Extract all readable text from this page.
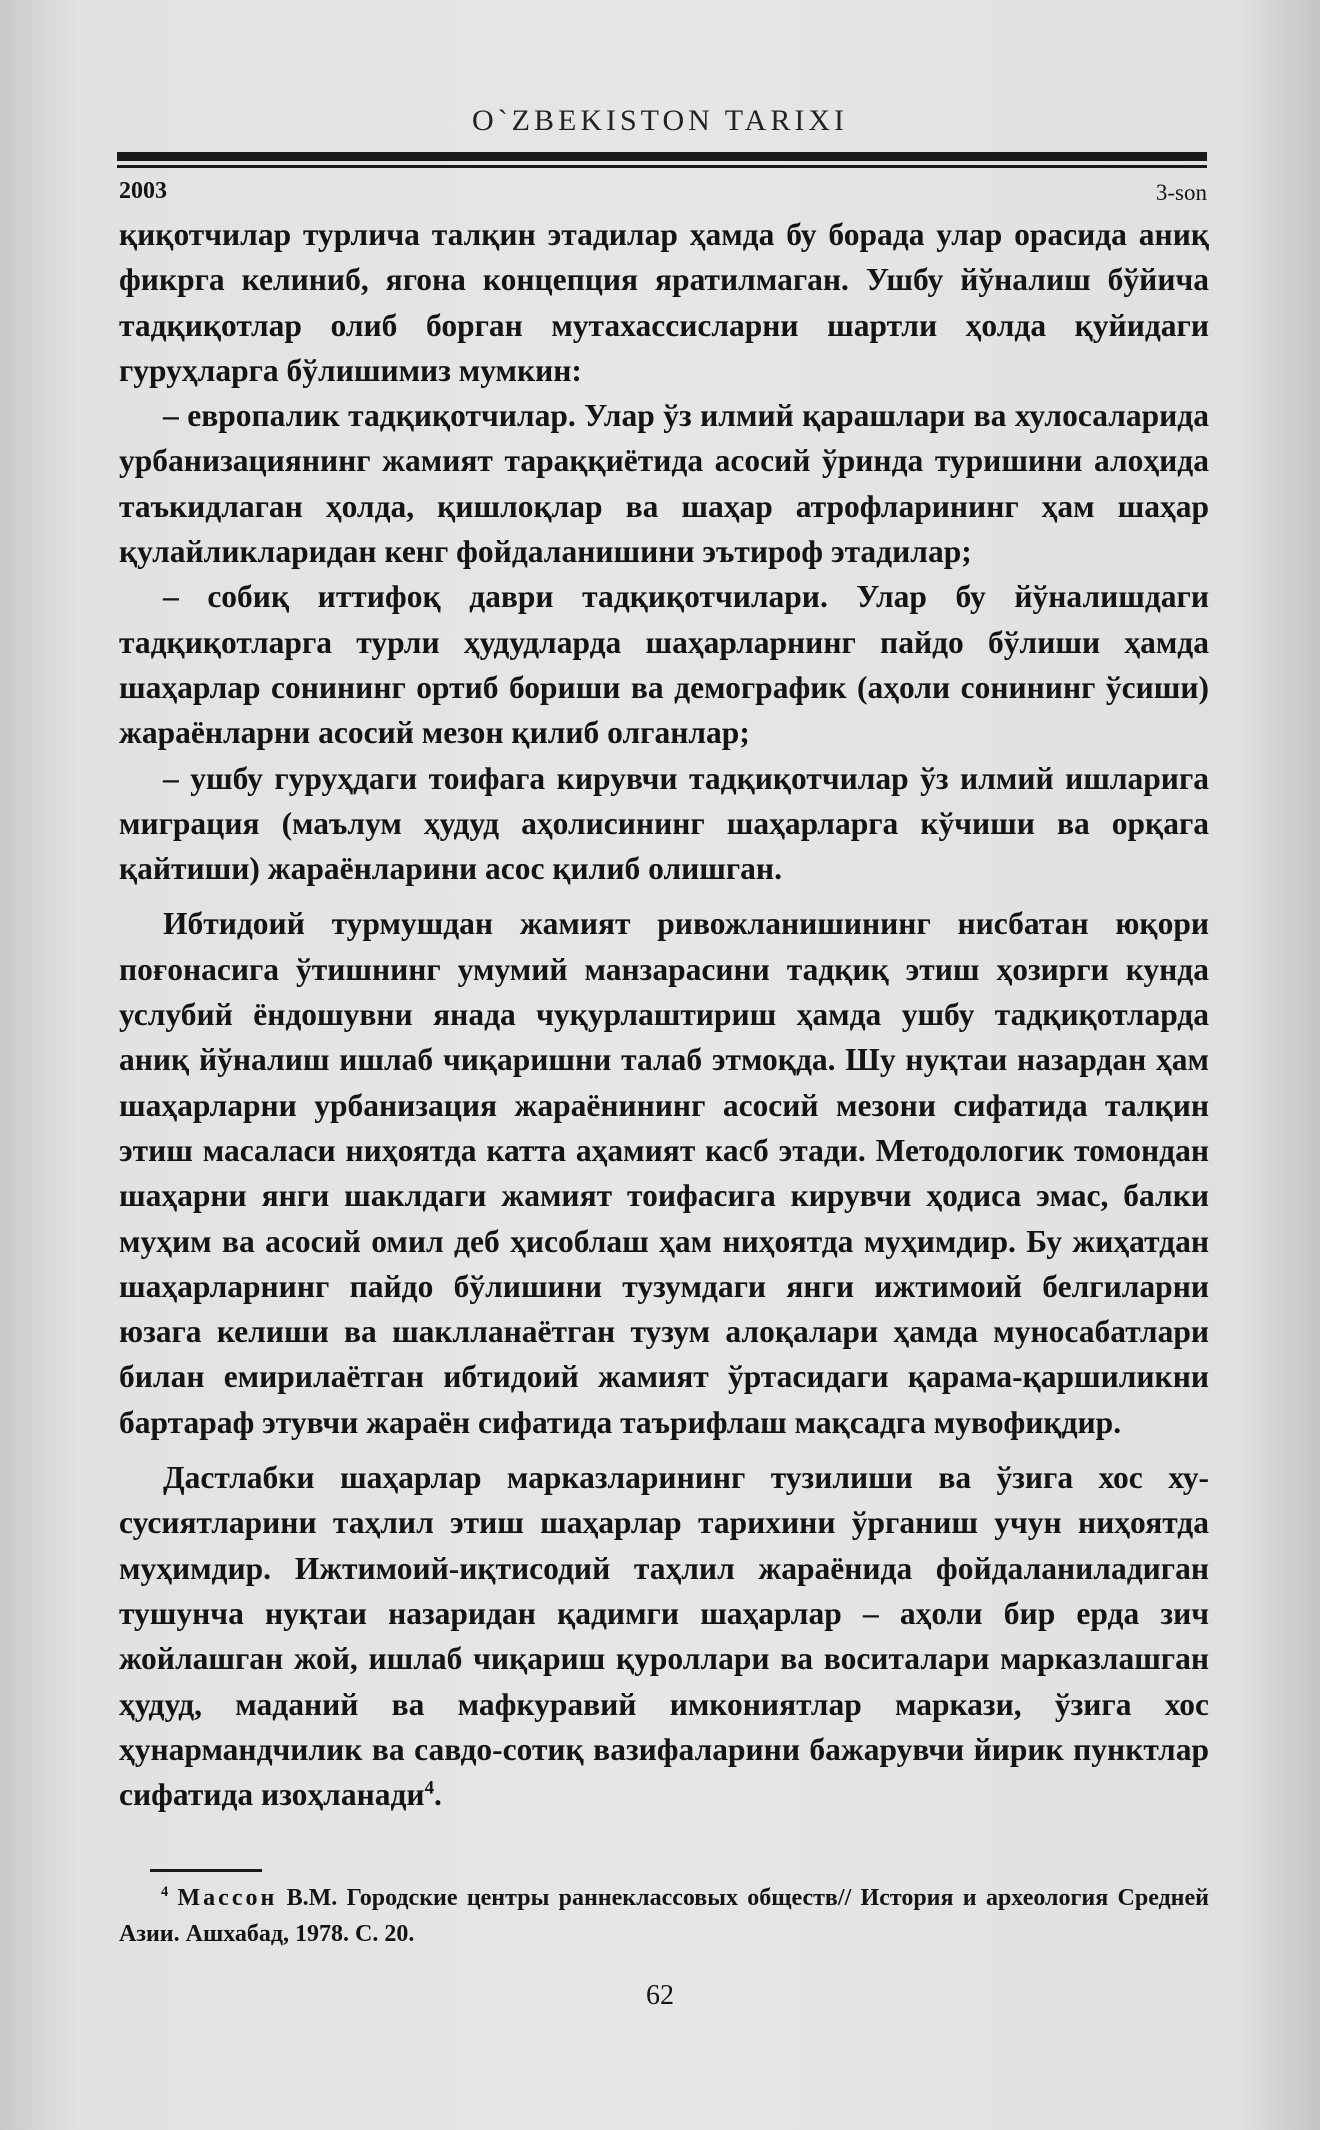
O`ZBEKISTON TARIXI
2003	3-son

қиқотчилар турлича талқин этадилар ҳамда бу борада улар орасида аниқ фикрга келиниб, ягона концепция яратилмаган. Ушбу йўналиш бўйича тадқиқотлар олиб борган мутахассисларни шартли ҳолда қуйидаги гуруҳларга бўлишимиз мумкин:

– европалик тадқиқотчилар. Улар ўз илмий қарашлари ва хулосаларида урбанизациянинг жамият тараққиётида асосий ўринда туришини алоҳида таъкидлаган ҳолда, қишлоқлар ва шаҳар атрофларининг ҳам шаҳар қулайликларидан кенг фойдаланишини эътироф этадилар;

– собиқ иттифоқ даври тадқиқотчилари. Улар бу йўналишдаги тадқиқотларга турли ҳудудларда шаҳарларнинг пайдо бўлиши ҳамда шаҳарлар сонининг ортиб бориши ва демографик (аҳоли сонининг ўсиши) жараёнларни асосий мезон қилиб олганлар;

– ушбу гуруҳдаги тоифага кирувчи тадқиқотчилар ўз илмий ишларига миграция (маълум ҳудуд аҳолисининг шаҳарларга кўчиши ва орқага қайтиши) жараёнларини асос қилиб олишган.

Ибтидоий турмушдан жамият ривожланишининг нисбатан юқори поғонасига ўтишнинг умумий манзарасини тадқиқ этиш ҳозирги кунда услубий ёндошувни янада чуқурлаштириш ҳамда ушбу тадқиқотларда аниқ йўналиш ишлаб чиқаришни талаб этмоқда. Шу нуқтаи назардан ҳам шаҳарларни урбанизация жараёнининг асосий мезони сифатида талқин этиш масаласи ниҳоятда катта аҳамият касб этади. Методологик томондан шаҳарни янги шаклдаги жамият тоифасига кирувчи ҳодиса эмас, балки муҳим ва асосий омил деб ҳисоблаш ҳам ниҳоятда муҳимдир. Бу жиҳатдан шаҳарларнинг пайдо бўлишини тузумдаги янги ижтимоий белгиларни юзага келиши ва шаклланаётган тузум алоқалари ҳамда муносабатлари билан емирилаётган ибтидоий жамият ўртасидаги қарама-қаршиликни бартараф этувчи жараён сифатида таърифлаш мақсадга мувофиқдир.

Дастлабки шаҳарлар марказларининг тузилиши ва ўзига хос хусусиятларини таҳлил этиш шаҳарлар тарихини ўрганиш учун ниҳоятда муҳимдир. Ижтимоий-иқтисодий таҳлил жараёнида фойдаланиладиган тушунча нуқтаи назаридан қадимги шаҳарлар – аҳоли бир ерда зич жойлашган жой, ишлаб чиқариш қуроллари ва воситалари марказлашган ҳудуд, маданий ва мафкуравий имкониятлар маркази, ўзига хос ҳунармандчилик ва савдо-сотиқ вазифаларини бажарувчи йирик пунктлар сифатида изоҳланади$^4$.

$^4$ Массон В.М. Городские центры раннеклассовых обществ// История и археология Средней Азии. Ашхабад, 1978. С. 20.

62
